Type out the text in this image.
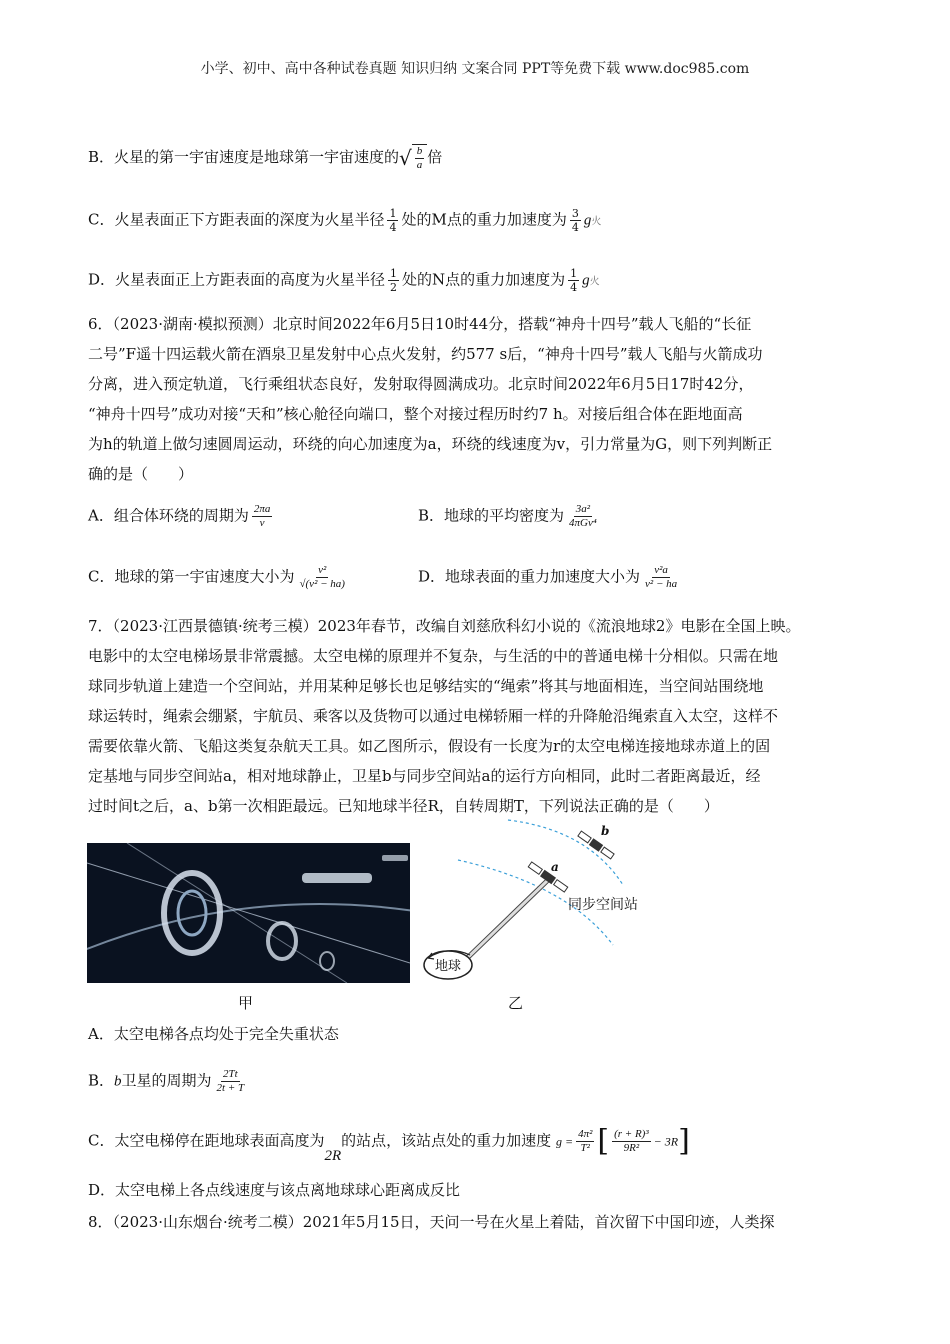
小学、初中、高中各种试卷真题 知识归纳 文案合同 PPT等免费下载 www.doc985.com
B．火星的第一宇宙速度是地球第一宇宙速度的√ $\frac{b}{a}$ 倍
C．火星表面正下方距表面的深度为火星半径 $\frac{1}{4}$ 处的M点的重力加速度为 $\frac{3}{4}$ g火
D．火星表面正上方距表面的高度为火星半径 $\frac{1}{2}$ 处的N点的重力加速度为 $\frac{1}{4}$ g火
6．（2023·湖南·模拟预测）北京时间2022年6月5日10时44分，搭载“神舟十四号”载人飞船的“长征
二号”F遥十四运载火箭在酒泉卫星发射中心点火发射，约577 s后，“神舟十四号”载人飞船与火箭成功
分离，进入预定轨道，飞行乘组状态良好，发射取得圆满成功。北京时间2022年6月5日17时42分，
“神舟十四号”成功对接“天和”核心舱径向端口，整个对接过程历时约7 h。对接后组合体在距地面高
为h的轨道上做匀速圆周运动，环绕的向心加速度为a，环绕的线速度为v，引力常量为G，则下列判断正
确的是（　　）
A．组合体环绕的周期为 $\frac{2\pi a}{v}$	B．地球的平均密度为 $\frac{\text{3a²}}{\text{4πGv⁴}}$
C．地球的第一宇宙速度大小为 $\frac{\text{v²}}{\text{√(v² − ha)}}$	D．地球表面的重力加速度大小为 $\frac{\text{v²a}}{\text{v² − ha}}$
7．（2023·江西景德镇·统考三模）2023年春节，改编自刘慈欣科幻小说的《流浪地球2》电影在全国上映。
电影中的太空电梯场景非常震撼。太空电梯的原理并不复杂，与生活的中的普通电梯十分相似。只需在地
球同步轨道上建造一个空间站，并用某种足够长也足够结实的“绳索”将其与地面相连，当空间站围绕地
球运转时，绳索会绷紧，宇航员、乘客以及货物可以通过电梯轿厢一样的升降舱沿绳索直入太空，这样不
需要依靠火箭、飞船这类复杂航天工具。如乙图所示，假设有一长度为r的太空电梯连接地球赤道上的固
定基地与同步空间站a，相对地球静止，卫星b与同步空间站a的运行方向相同，此时二者距离最近，经
过时间t之后，a、b第一次相距最远。已知地球半径R，自转周期T，下列说法正确的是（　　）
甲
地球
同步空间站
a
b
乙
A．太空电梯各点均处于完全失重状态
B．b卫星的周期为 $\frac{2Tt}{2t + T}$
C．太空电梯停在距地球表面高度为2R的站点，该站点处的重力加速度 $g = \frac{\text{4π²}}{\text{T²}}$ [ $\frac{\text{(r + R)³}}{\text{9R²}} - 3R$]
D．太空电梯上各点线速度与该点离地球球心距离成反比
8．（2023·山东烟台·统考二模）2021年5月15日，天问一号在火星上着陆，首次留下中国印迹，人类探
